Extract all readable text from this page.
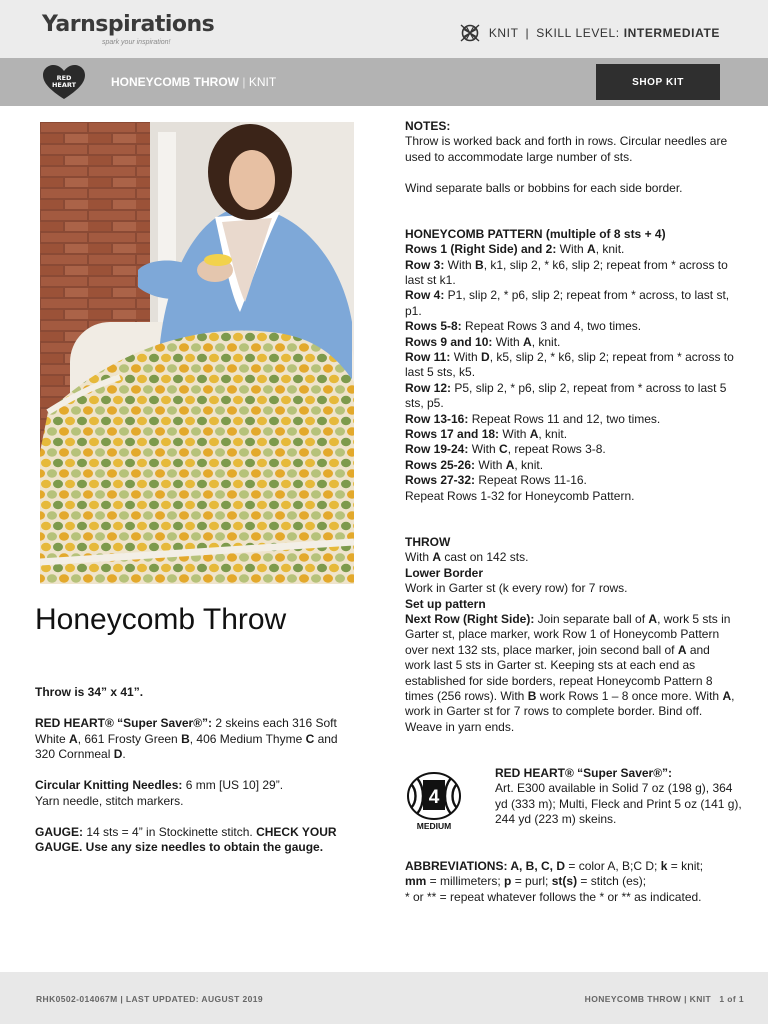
Yarnspirations
spark your inspiration!
KNIT | SKILL LEVEL:
INTERMEDIATE
RED
HEART	HONEYCOMB THROW | KNIT	SHOP KIT
Honeycomb Throw

Throw is 34” x 41”.

RED HEART® “Super Saver®”: 2 skeins each 316 Soft White A, 661 Frosty Green B, 406 Medium Thyme C and 320 Cornmeal D.

Circular Knitting Needles: 6 mm [US 10] 29”.
Yarn needle, stitch markers.

GAUGE: 14 sts = 4” in Stockinette stitch. CHECK YOUR GAUGE. Use any size needles to obtain the gauge.

NOTES:
Throw is worked back and forth in rows. Circular needles are used to accommodate large number of sts.
Wind separate balls or bobbins for each side border.
HONEYCOMB PATTERN (multiple of 8 sts + 4)
Rows 1 (Right Side) and 2: With A, knit.
Row 3: With B, k1, slip 2, * k6, slip 2; repeat from * across to last st k1.
Row 4: P1, slip 2, * p6, slip 2; repeat from * across, to last st, p1.
Rows 5-8: Repeat Rows 3 and 4, two times.
Rows 9 and 10: With A, knit.
Row 11: With D, k5, slip 2, * k6, slip 2; repeat from * across to last 5 sts, k5.
Row 12: P5, slip 2, * p6, slip 2, repeat from * across to last 5 sts, p5.
Row 13-16: Repeat Rows 11 and 12, two times.
Rows 17 and 18: With A, knit.
Row 19-24: With C, repeat Rows 3-8.
Rows 25-26: With A, knit.
Rows 27-32: Repeat Rows 11-16.
Repeat Rows 1-32 for Honeycomb Pattern.
THROW
With A cast on 142 sts.
Lower Border
Work in Garter st (k every row) for 7 rows.
Set up pattern
Next Row (Right Side): Join separate ball of A, work 5 sts in Garter st, place marker, work Row 1 of Honeycomb Pattern over next 132 sts, place marker, join second ball of A and work last 5 sts in Garter st. Keeping sts at each end as established for side borders, repeat Honeycomb Pattern 8 times (256 rows). With B work Rows 1 – 8 once more. With A, work in Garter st for 7 rows to complete border. Bind off. Weave in yarn ends.
4
MEDIUM
RED HEART® “Super Saver®”:
Art. E300 available in Solid 7 oz (198 g), 364 yd (333 m); Multi, Fleck and Print 5 oz (141 g), 244 yd (223 m) skeins.
ABBREVIATIONS: A, B, C, D = color A, B;C D; k = knit;
mm = millimeters; p = purl; st(s) = stitch (es);
* or ** = repeat whatever follows the * or ** as indicated.
RHK0502-014067M | LAST UPDATED: AUGUST 2019	HONEYCOMB THROW | KNIT 1 of 1
